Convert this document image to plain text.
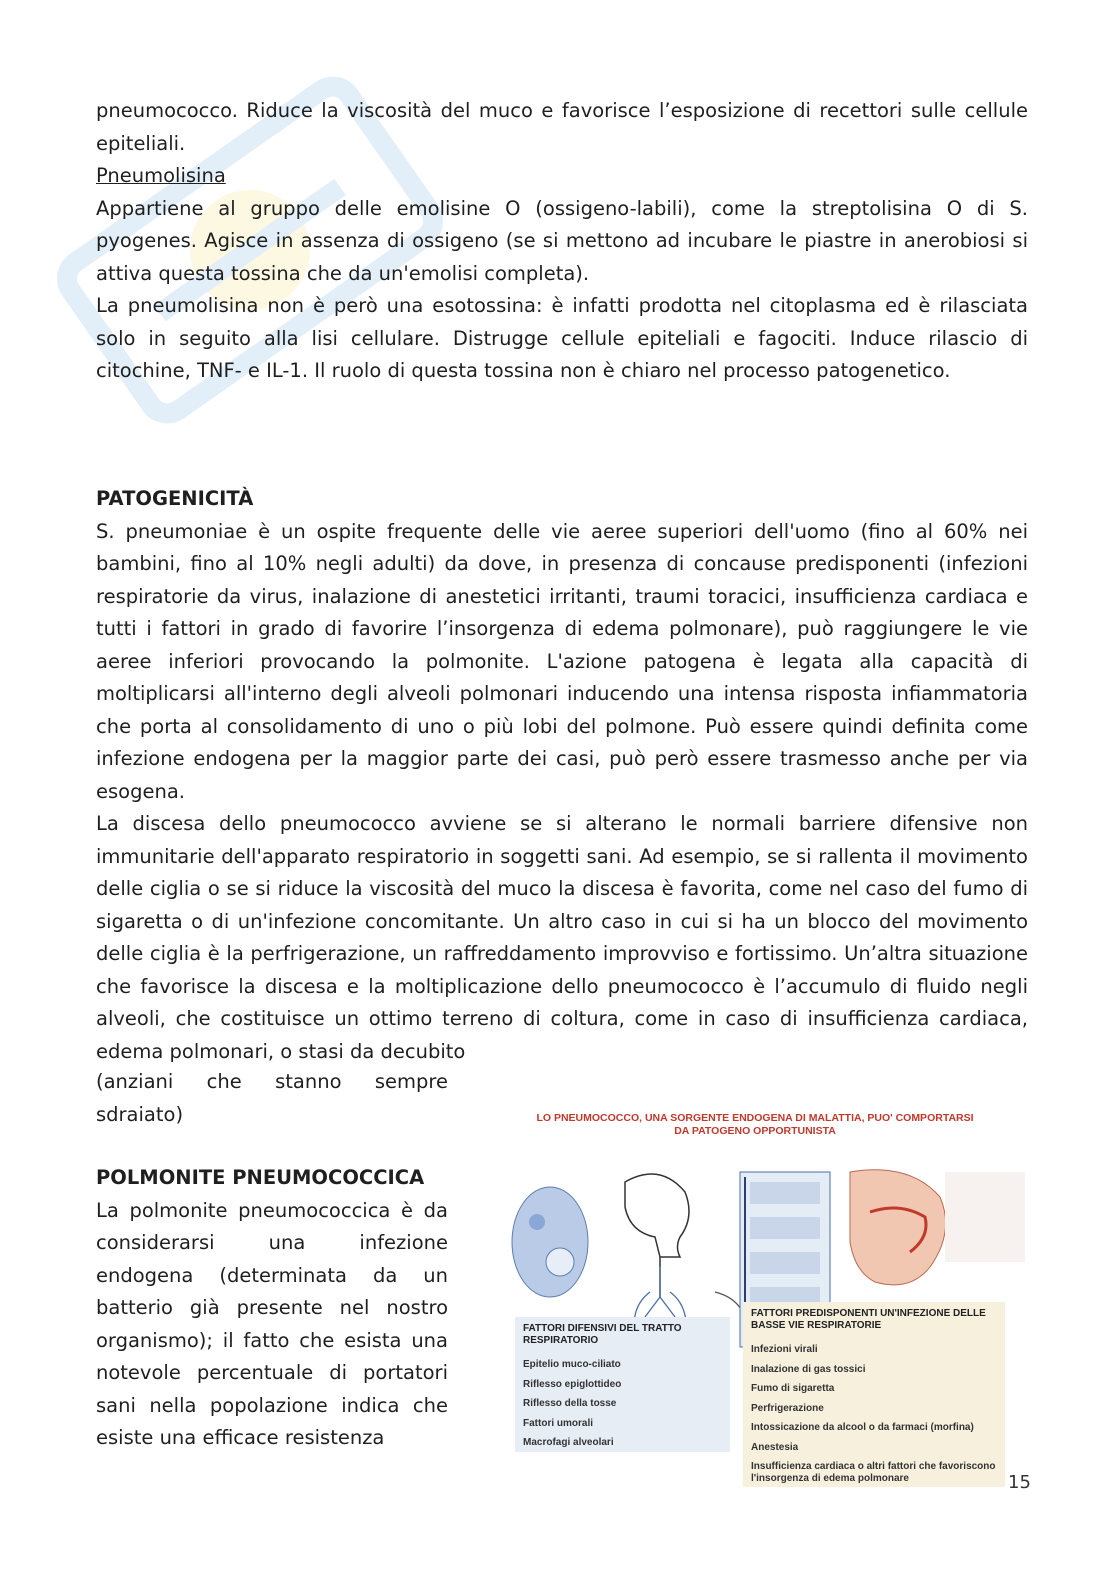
pneumococco. Riduce la viscosità del muco e favorisce l’esposizione di recettori sulle cellule epiteliali.

Pneumolisina

Appartiene al gruppo delle emolisine O (ossigeno-labili), come la streptolisina O di S. pyogenes. Agisce in assenza di ossigeno (se si mettono ad incubare le piastre in anerobiosi si attiva questa tossina che da un'emolisi completa).

La pneumolisina non è però una esotossina: è infatti prodotta nel citoplasma ed è rilasciata solo in seguito alla lisi cellulare. Distrugge cellule epiteliali e fagociti. Induce rilascio di citochine, TNF- e IL-1. Il ruolo di questa tossina non è chiaro nel processo patogenetico.

PATOGENICITÀ

S. pneumoniae è un ospite frequente delle vie aeree superiori dell'uomo (fino al 60% nei bambini, fino al 10% negli adulti) da dove, in presenza di concause predisponenti (infezioni respiratorie da virus, inalazione di anestetici irritanti, traumi toracici, insufficienza cardiaca e tutti i fattori in grado di favorire l’insorgenza di edema polmonare), può raggiungere le vie aeree inferiori provocando la polmonite. L'azione patogena è legata alla capacità di moltiplicarsi all'interno degli alveoli polmonari inducendo una intensa risposta infiammatoria che porta al consolidamento di uno o più lobi del polmone. Può essere quindi definita come infezione endogena per la maggior parte dei casi, può però essere trasmesso anche per via esogena.

La discesa dello pneumococco avviene se si alterano le normali barriere difensive non immunitarie dell'apparato respiratorio in soggetti sani. Ad esempio, se si rallenta il movimento delle ciglia o se si riduce la viscosità del muco la discesa è favorita, come nel caso del fumo di sigaretta o di un'infezione concomitante. Un altro caso in cui si ha un blocco del movimento delle ciglia è la perfrigerazione, un raffreddamento improvviso e fortissimo. Un’altra situazione che favorisce la discesa e la moltiplicazione dello pneumococco è l’accumulo di fluido negli alveoli, che costituisce un ottimo terreno di coltura, come in caso di insufficienza cardiaca, edema polmonari, o stasi da decubito

(anziani che stanno sempre sdraiato)

POLMONITE PNEUMOCOCCICA

La polmonite pneumococcica è da considerarsi una infezione endogena (determinata da un batterio già presente nel nostro organismo); il fatto che esista una notevole percentuale di portatori sani nella popolazione indica che esiste una efficace resistenza

LO PNEUMOCOCCO, UNA SORGENTE ENDOGENA DI MALATTIA, PUO' COMPORTARSI DA PATOGENO OPPORTUNISTA
FATTORI DIFENSIVI DEL TRATTO RESPIRATORIO
Epitelio muco-ciliato
Riflesso epiglottideo
Riflesso della tosse
Fattori umorali
Macrofagi alveolari
FATTORI PREDISPONENTI UN'INFEZIONE DELLE BASSE VIE RESPIRATORIE
Infezioni virali
Inalazione di gas tossici
Fumo di sigaretta
Perfrigerazione
Intossicazione da alcool o da farmaci (morfina)
Anestesia
Insufficienza cardiaca o altri fattori che favoriscono l'insorgenza di edema polmonare	15
